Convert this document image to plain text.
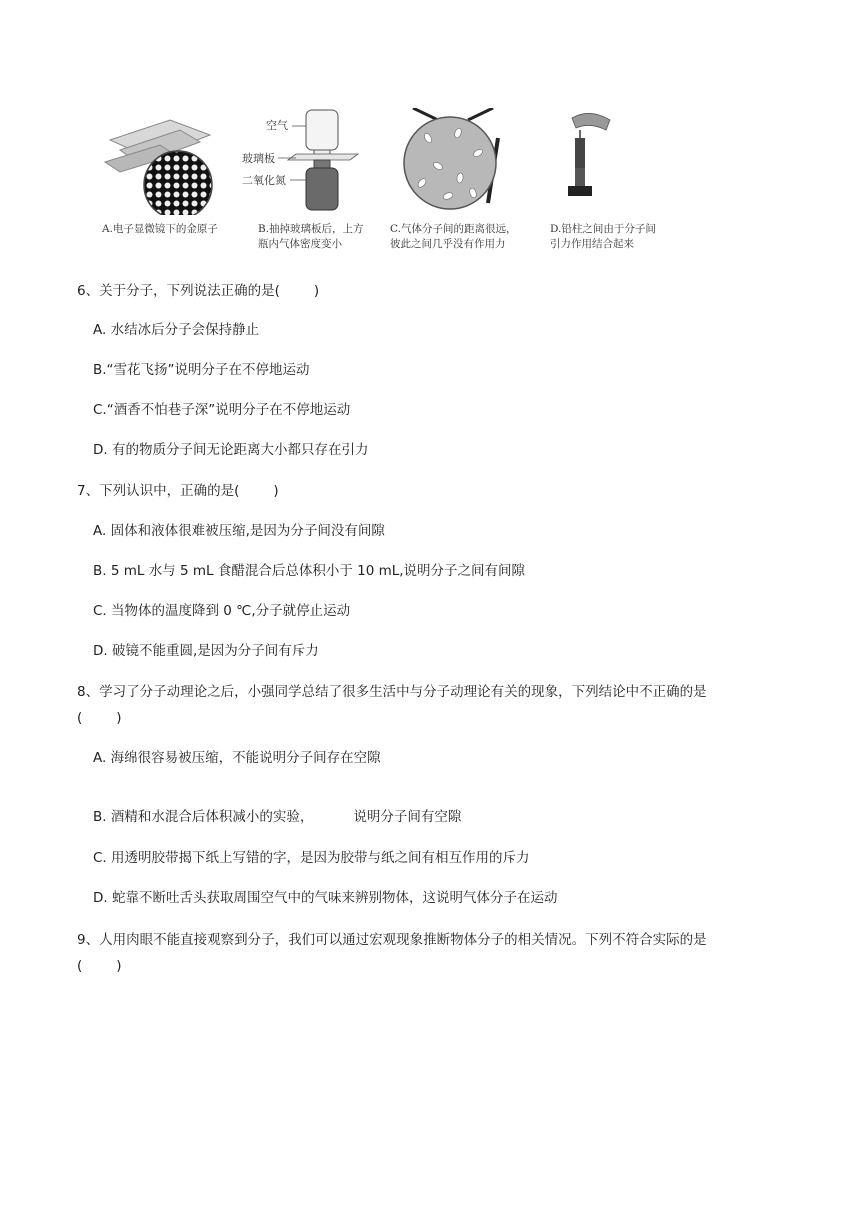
A.电子显微镜下的金原子
空气
玻璃板
二氧化氮
B.抽掉玻璃板后，上方
瓶内气体密度变小
C.气体分子间的距离很远，
彼此之间几乎没有作用力
D.铅柱之间由于分子间
引力作用结合起来
6、关于分子，下列说法正确的是(	)
A. 水结冰后分子会保持静止
B.“雪花飞扬”说明分子在不停地运动
C.“酒香不怕巷子深”说明分子在不停地运动
D. 有的物质分子间无论距离大小都只存在引力
7、下列认识中，正确的是(	)
A. 固体和液体很难被压缩,是因为分子间没有间隙
B. 5 mL 水与 5 mL 食醋混合后总体积小于 10 mL,说明分子之间有间隙
C. 当物体的温度降到 0 ℃,分子就停止运动
D. 破镜不能重圆,是因为分子间有斥力
8、学习了分子动理论之后，小强同学总结了很多生活中与分子动理论有关的现象，下列结论中不正确的是
(	)
A. 海绵很容易被压缩，不能说明分子间存在空隙
B. 酒精和水混合后体积减小的实验，	说明分子间有空隙
C. 用透明胶带揭下纸上写错的字，是因为胶带与纸之间有相互作用的斥力
D. 蛇靠不断吐舌头获取周围空气中的气味来辨别物体，这说明气体分子在运动
9、人用肉眼不能直接观察到分子，我们可以通过宏观现象推断物体分子的相关情况。下列不符合实际的是
(	)
